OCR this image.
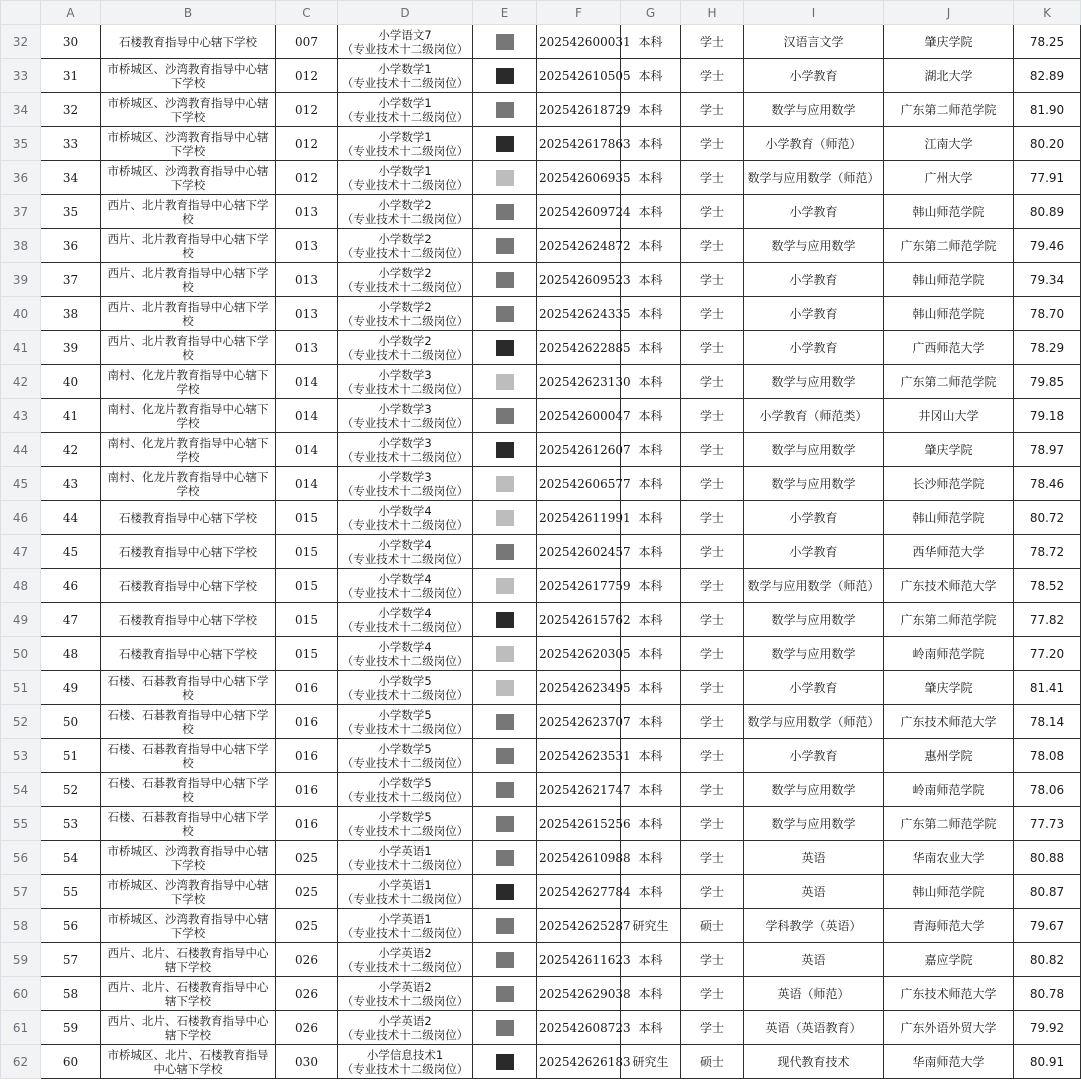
	A	B	C	D	E	F	G	H	I	J	K
32	30	石楼教育指导中心辖下学校	007	小学语文7
（专业技术十二级岗位）		202542600031	本科	学士	汉语言文学	肇庆学院	78.25
33	31	市桥城区、沙湾教育指导中心辖下学校	012	小学数学1
（专业技术十二级岗位）		202542610505	本科	学士	小学教育	湖北大学	82.89
34	32	市桥城区、沙湾教育指导中心辖下学校	012	小学数学1
（专业技术十二级岗位）		202542618729	本科	学士	数学与应用数学	广东第二师范学院	81.90
35	33	市桥城区、沙湾教育指导中心辖下学校	012	小学数学1
（专业技术十二级岗位）		202542617863	本科	学士	小学教育（师范）	江南大学	80.20
36	34	市桥城区、沙湾教育指导中心辖下学校	012	小学数学1
（专业技术十二级岗位）		202542606935	本科	学士	数学与应用数学（师范）	广州大学	77.91
37	35	西片、北片教育指导中心辖下学校	013	小学数学2
（专业技术十二级岗位）		202542609724	本科	学士	小学教育	韩山师范学院	80.89
38	36	西片、北片教育指导中心辖下学校	013	小学数学2
（专业技术十二级岗位）		202542624872	本科	学士	数学与应用数学	广东第二师范学院	79.46
39	37	西片、北片教育指导中心辖下学校	013	小学数学2
（专业技术十二级岗位）		202542609523	本科	学士	小学教育	韩山师范学院	79.34
40	38	西片、北片教育指导中心辖下学校	013	小学数学2
（专业技术十二级岗位）		202542624335	本科	学士	小学教育	韩山师范学院	78.70
41	39	西片、北片教育指导中心辖下学校	013	小学数学2
（专业技术十二级岗位）		202542622885	本科	学士	小学教育	广西师范大学	78.29
42	40	南村、化龙片教育指导中心辖下学校	014	小学数学3
（专业技术十二级岗位）		202542623130	本科	学士	数学与应用数学	广东第二师范学院	79.85
43	41	南村、化龙片教育指导中心辖下学校	014	小学数学3
（专业技术十二级岗位）		202542600047	本科	学士	小学教育（师范类）	井冈山大学	79.18
44	42	南村、化龙片教育指导中心辖下学校	014	小学数学3
（专业技术十二级岗位）		202542612607	本科	学士	数学与应用数学	肇庆学院	78.97
45	43	南村、化龙片教育指导中心辖下学校	014	小学数学3
（专业技术十二级岗位）		202542606577	本科	学士	数学与应用数学	长沙师范学院	78.46
46	44	石楼教育指导中心辖下学校	015	小学数学4
（专业技术十二级岗位）		202542611991	本科	学士	小学教育	韩山师范学院	80.72
47	45	石楼教育指导中心辖下学校	015	小学数学4
（专业技术十二级岗位）		202542602457	本科	学士	小学教育	西华师范大学	78.72
48	46	石楼教育指导中心辖下学校	015	小学数学4
（专业技术十二级岗位）		202542617759	本科	学士	数学与应用数学（师范）	广东技术师范大学	78.52
49	47	石楼教育指导中心辖下学校	015	小学数学4
（专业技术十二级岗位）		202542615762	本科	学士	数学与应用数学	广东第二师范学院	77.82
50	48	石楼教育指导中心辖下学校	015	小学数学4
（专业技术十二级岗位）		202542620305	本科	学士	数学与应用数学	岭南师范学院	77.20
51	49	石楼、石碁教育指导中心辖下学校	016	小学数学5
（专业技术十二级岗位）		202542623495	本科	学士	小学教育	肇庆学院	81.41
52	50	石楼、石碁教育指导中心辖下学校	016	小学数学5
（专业技术十二级岗位）		202542623707	本科	学士	数学与应用数学（师范）	广东技术师范大学	78.14
53	51	石楼、石碁教育指导中心辖下学校	016	小学数学5
（专业技术十二级岗位）		202542623531	本科	学士	小学教育	惠州学院	78.08
54	52	石楼、石碁教育指导中心辖下学校	016	小学数学5
（专业技术十二级岗位）		202542621747	本科	学士	数学与应用数学	岭南师范学院	78.06
55	53	石楼、石碁教育指导中心辖下学校	016	小学数学5
（专业技术十二级岗位）		202542615256	本科	学士	数学与应用数学	广东第二师范学院	77.73
56	54	市桥城区、沙湾教育指导中心辖下学校	025	小学英语1
（专业技术十二级岗位）		202542610988	本科	学士	英语	华南农业大学	80.88
57	55	市桥城区、沙湾教育指导中心辖下学校	025	小学英语1
（专业技术十二级岗位）		202542627784	本科	学士	英语	韩山师范学院	80.87
58	56	市桥城区、沙湾教育指导中心辖下学校	025	小学英语1
（专业技术十二级岗位）		202542625287	研究生	硕士	学科教学（英语）	青海师范大学	79.67
59	57	西片、北片、石楼教育指导中心辖下学校	026	小学英语2
（专业技术十二级岗位）		202542611623	本科	学士	英语	嘉应学院	80.82
60	58	西片、北片、石楼教育指导中心辖下学校	026	小学英语2
（专业技术十二级岗位）		202542629038	本科	学士	英语（师范）	广东技术师范大学	80.78
61	59	西片、北片、石楼教育指导中心辖下学校	026	小学英语2
（专业技术十二级岗位）		202542608723	本科	学士	英语（英语教育）	广东外语外贸大学	79.92
62	60	市桥城区、北片、石楼教育指导中心辖下学校	030	小学信息技术1
（专业技术十二级岗位）		202542626183	研究生	硕士	现代教育技术	华南师范大学	80.91
